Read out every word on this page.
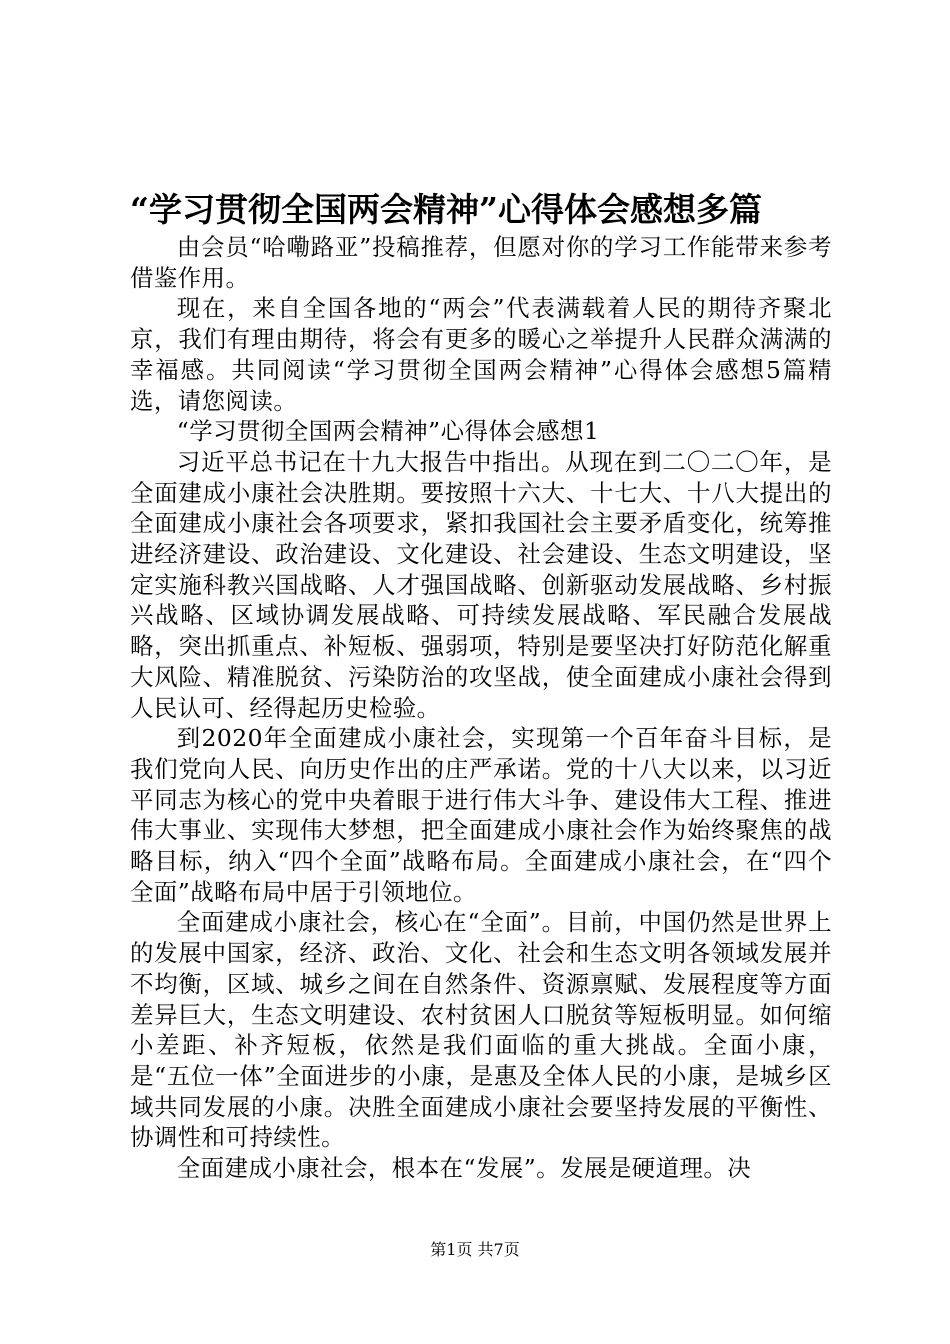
“学习贯彻全国两会精神”心得体会感想多篇

由会员“哈嘞路亚”投稿推荐，但愿对你的学习工作能带来参考借鉴作用。

现在，来自全国各地的“两会”代表满载着人民的期待齐聚北京，我们有理由期待，将会有更多的暖心之举提升人民群众满满的幸福感。共同阅读“学习贯彻全国两会精神”心得体会感想5篇精选，请您阅读。

“学习贯彻全国两会精神”心得体会感想1

习近平总书记在十九大报告中指出。从现在到二〇二〇年，是全面建成小康社会决胜期。要按照十六大、十七大、十八大提出的全面建成小康社会各项要求，紧扣我国社会主要矛盾变化，统筹推进经济建设、政治建设、文化建设、社会建设、生态文明建设，坚定实施科教兴国战略、人才强国战略、创新驱动发展战略、乡村振兴战略、区域协调发展战略、可持续发展战略、军民融合发展战略，突出抓重点、补短板、强弱项，特别是要坚决打好防范化解重大风险、精准脱贫、污染防治的攻坚战，使全面建成小康社会得到人民认可、经得起历史检验。

到2020年全面建成小康社会，实现第一个百年奋斗目标，是我们党向人民、向历史作出的庄严承诺。党的十八大以来，以习近平同志为核心的党中央着眼于进行伟大斗争、建设伟大工程、推进伟大事业、实现伟大梦想，把全面建成小康社会作为始终聚焦的战略目标，纳入“四个全面”战略布局。全面建成小康社会，在“四个全面”战略布局中居于引领地位。

全面建成小康社会，核心在“全面”。目前，中国仍然是世界上的发展中国家，经济、政治、文化、社会和生态文明各领域发展并不均衡，区域、城乡之间在自然条件、资源禀赋、发展程度等方面差异巨大，生态文明建设、农村贫困人口脱贫等短板明显。如何缩小差距、补齐短板，依然是我们面临的重大挑战。全面小康，是“五位一体”全面进步的小康，是惠及全体人民的小康，是城乡区域共同发展的小康。决胜全面建成小康社会要坚持发展的平衡性、协调性和可持续性。

全面建成小康社会，根本在“发展”。发展是硬道理。决

第1页 共7页
